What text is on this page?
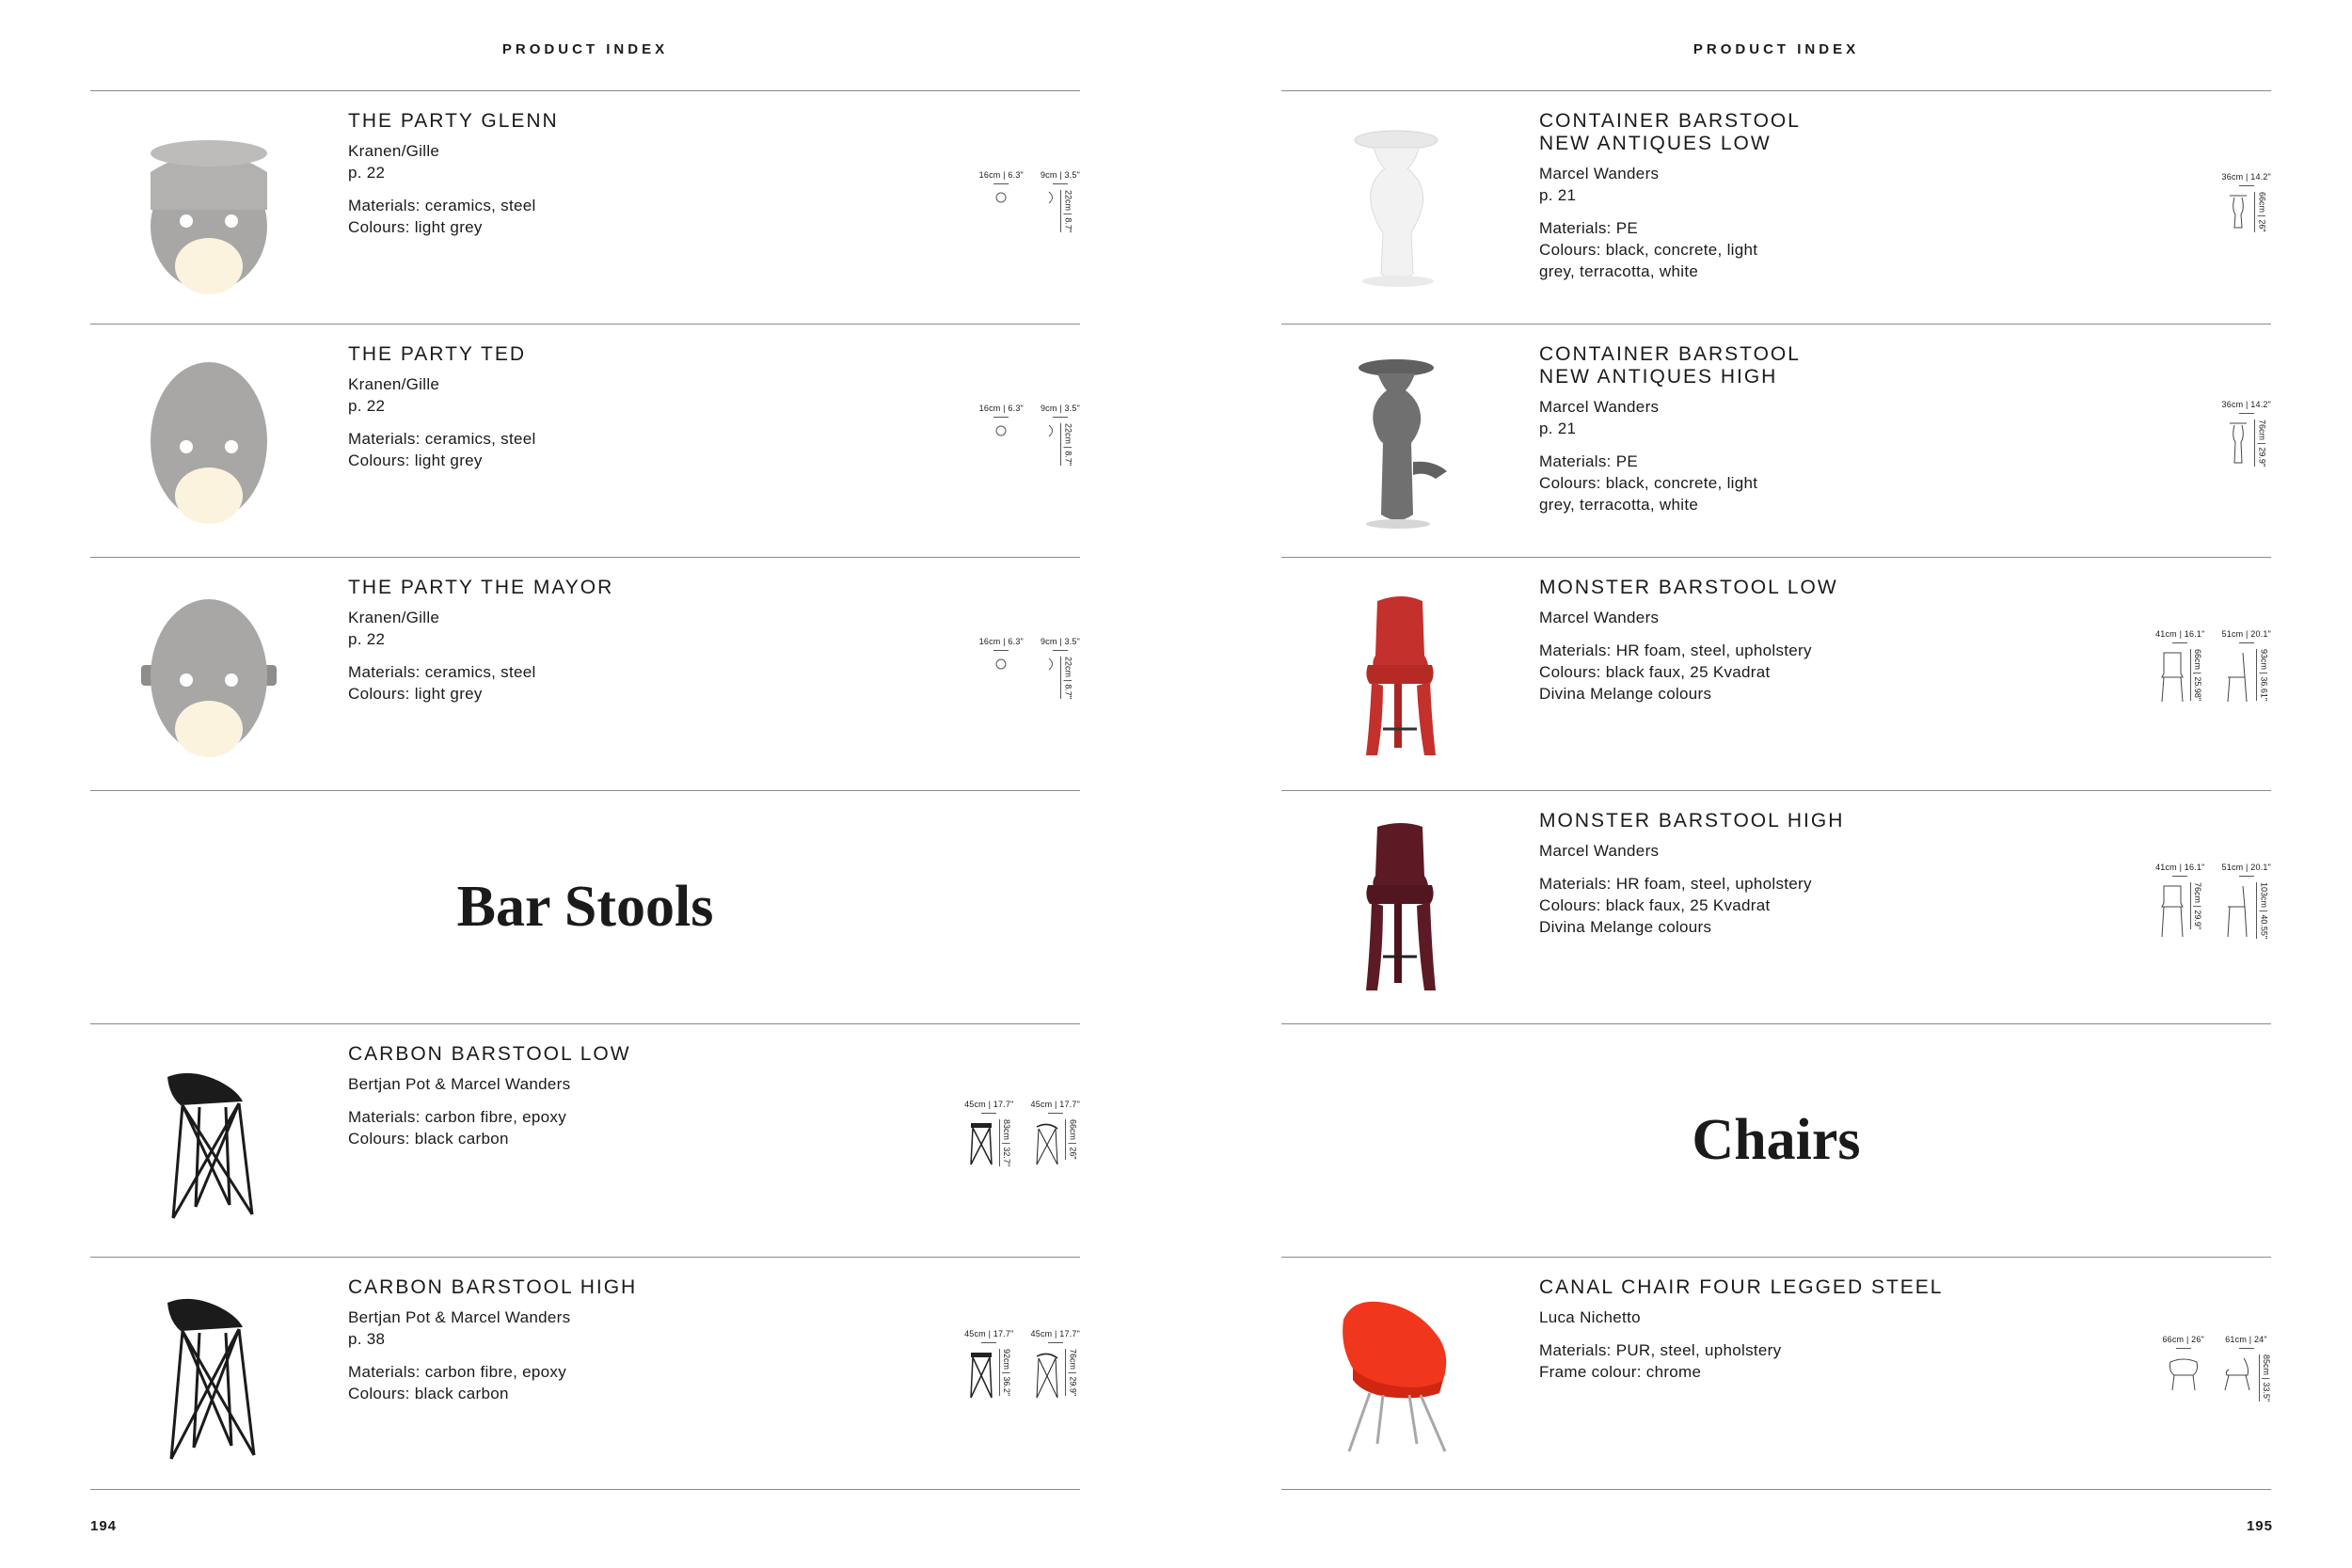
PRODUCT INDEX
THE PARTY GLENN
Kranen/Gille
p. 22
Materials: ceramics, steel
Colours: light grey
16cm | 6.3" 9cm | 3.5"
22cm | 8.7"
THE PARTY TED
Kranen/Gille
p. 22
Materials: ceramics, steel
Colours: light grey
16cm | 6.3" 9cm | 3.5"
22cm | 8.7"
THE PARTY THE MAYOR
Kranen/Gille
p. 22
Materials: ceramics, steel
Colours: light grey
16cm | 6.3" 9cm | 3.5"
22cm | 8.7"
Bar Stools
CARBON BARSTOOL LOW
Bertjan Pot & Marcel Wanders
Materials: carbon fibre, epoxy
Colours: black carbon
45cm | 17.7"
83cm | 32.7"
45cm | 17.7"
66cm | 26"
CARBON BARSTOOL HIGH
Bertjan Pot & Marcel Wanders
p. 38
Materials: carbon fibre, epoxy
Colours: black carbon
45cm | 17.7"
92cm | 36.2"
45cm | 17.7"
76cm | 29.9"
194
PRODUCT INDEX
CONTAINER BARSTOOL
NEW ANTIQUES LOW
Marcel Wanders
p. 21
Materials: PE
Colours: black, concrete, light
grey, terracotta, white
36cm | 14.2"
66cm | 26"
CONTAINER BARSTOOL
NEW ANTIQUES HIGH
Marcel Wanders
p. 21
Materials: PE
Colours: black, concrete, light
grey, terracotta, white
36cm | 14.2"
76cm | 29.9"
MONSTER BARSTOOL LOW
Marcel Wanders
Materials: HR foam, steel, upholstery
Colours: black faux, 25 Kvadrat
Divina Melange colours
41cm | 16.1"
66cm | 25.98"
51cm | 20.1"
93cm | 36.61"
MONSTER BARSTOOL HIGH
Marcel Wanders
Materials: HR foam, steel, upholstery
Colours: black faux, 25 Kvadrat
Divina Melange colours
41cm | 16.1"
76cm | 29.9"
51cm | 20.1"
103cm | 40.55"
Chairs
CANAL CHAIR FOUR LEGGED STEEL
Luca Nichetto
Materials: PUR, steel, upholstery
Frame colour: chrome
66cm | 26" 61cm | 24"
85cm | 33.5"
195
